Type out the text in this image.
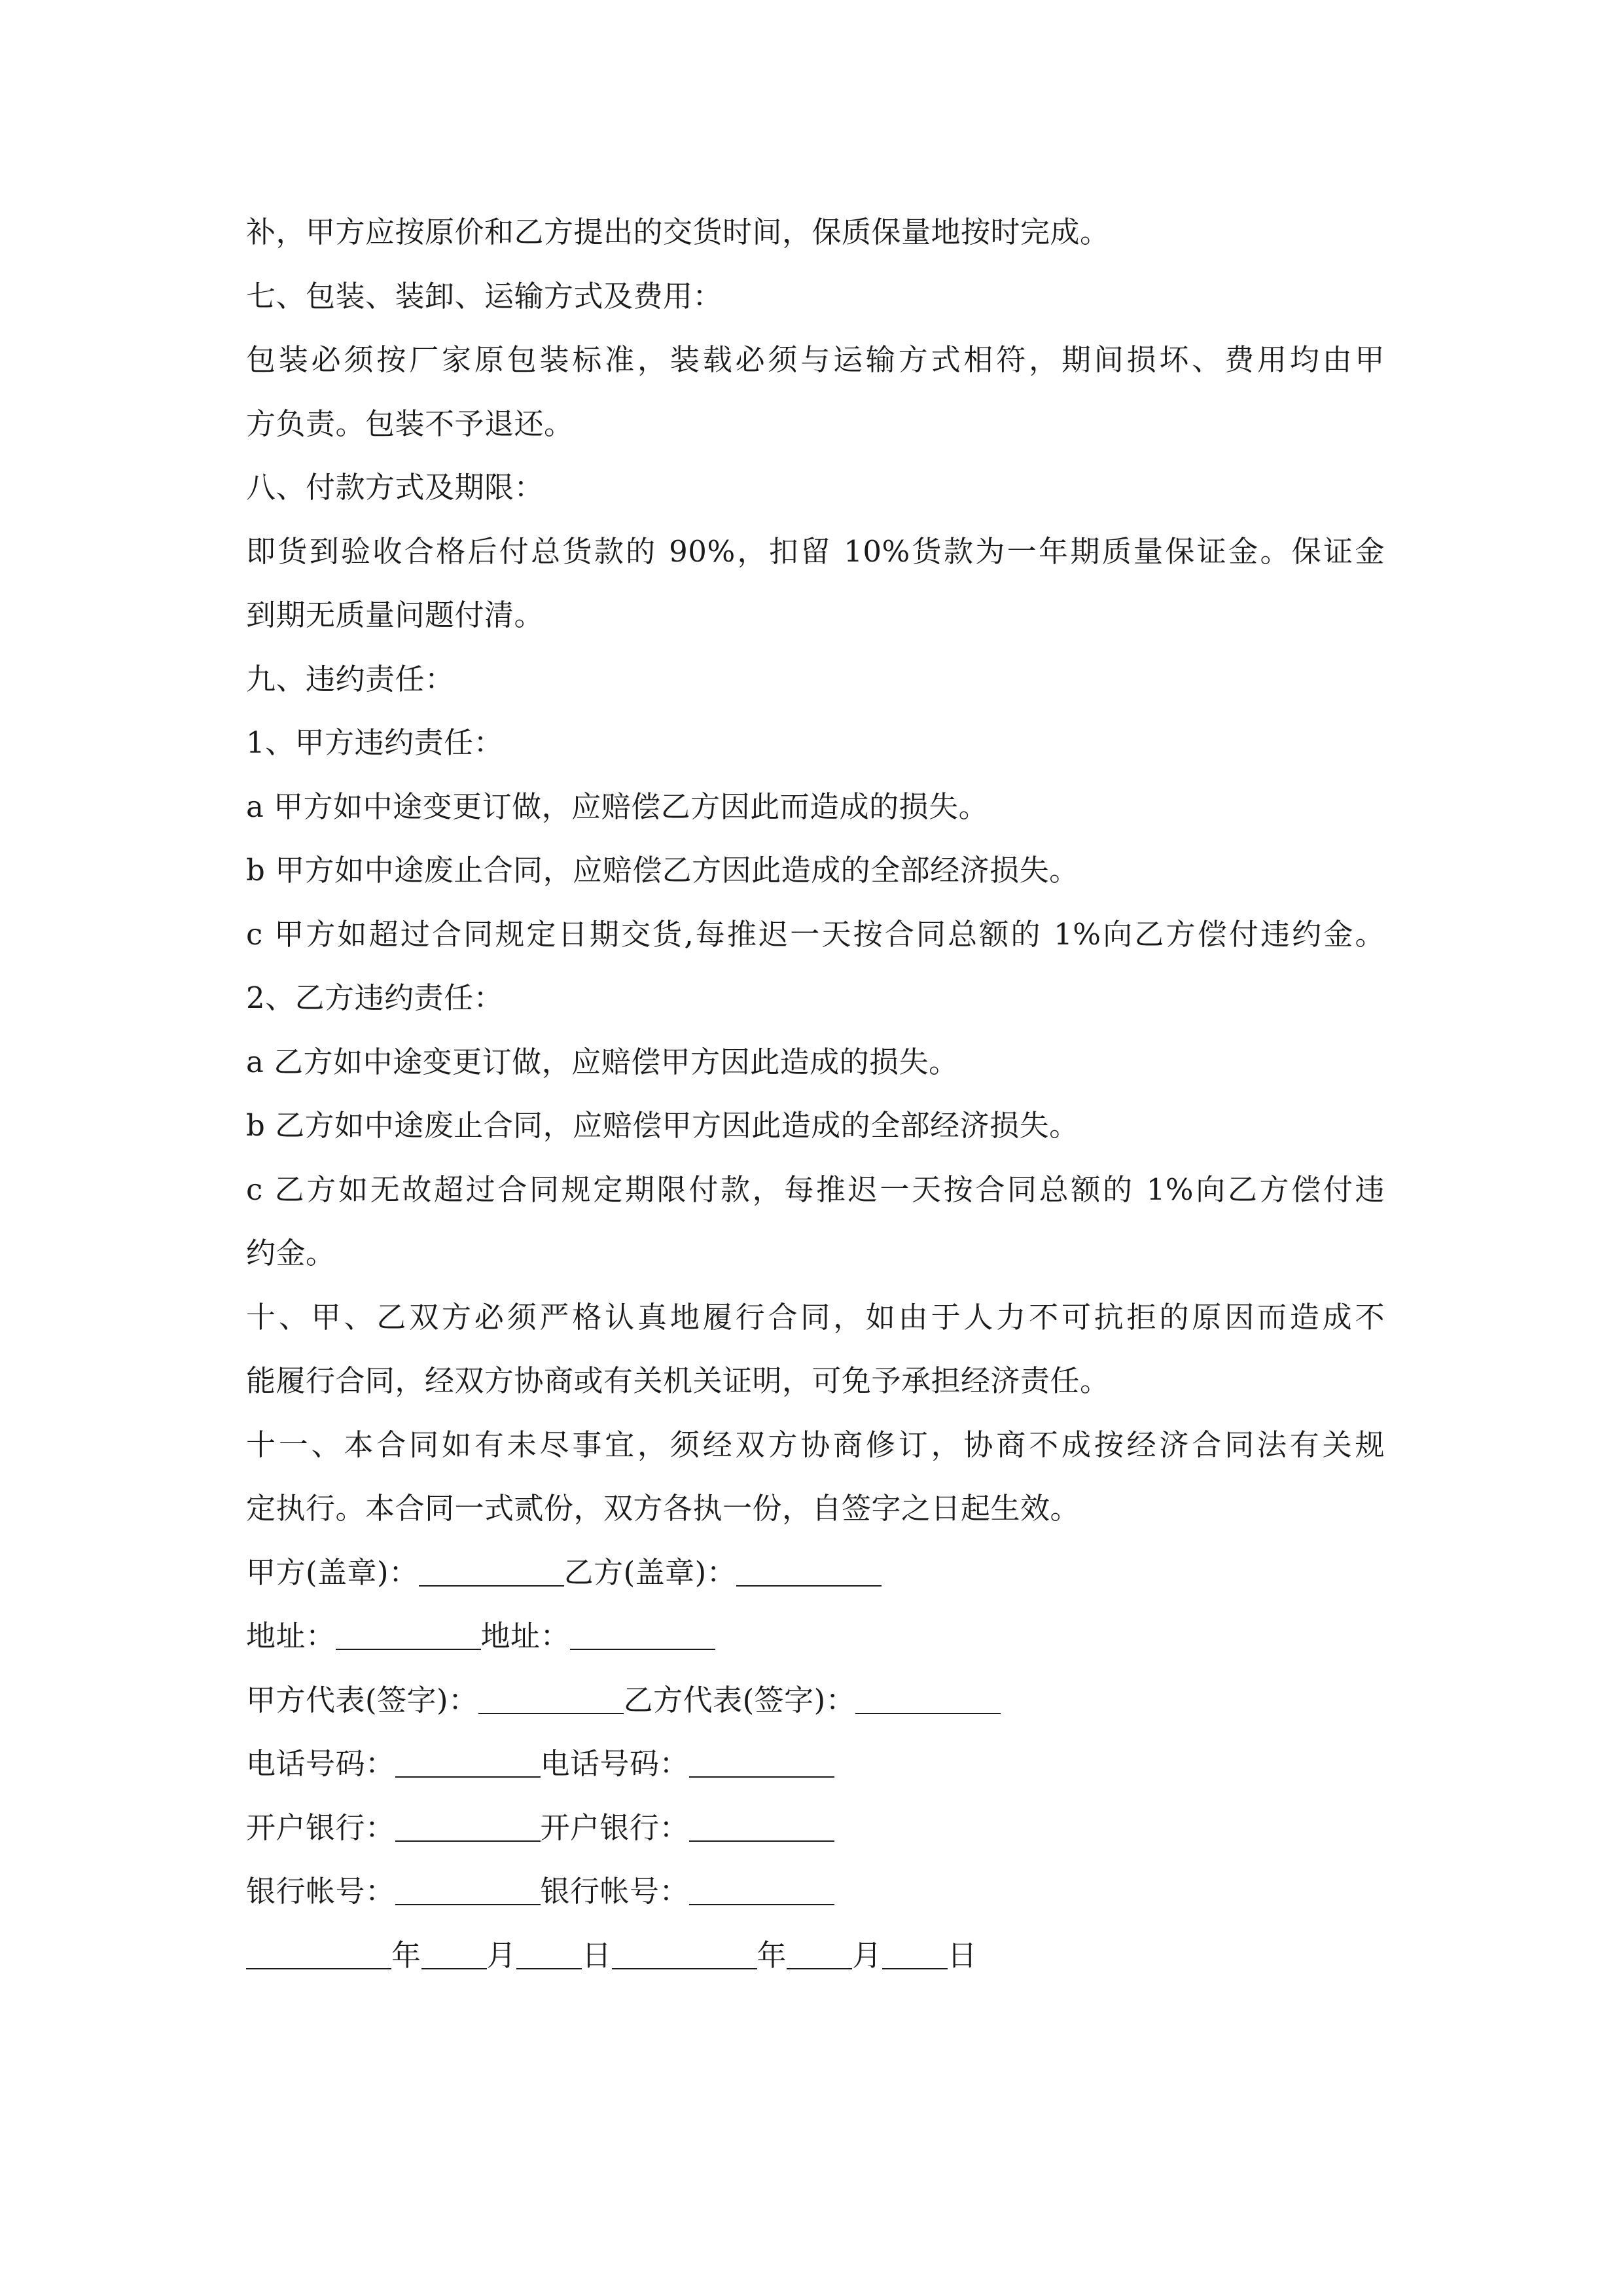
补，甲方应按原价和乙方提出的交货时间，保质保量地按时完成。
七、包装、装卸、运输方式及费用：
包装必须按厂家原包装标准，装载必须与运输方式相符，期间损坏、费用均由甲
方负责。包装不予退还。
八、付款方式及期限：
即货到验收合格后付总货款的 90%，扣留 10%货款为一年期质量保证金。保证金
到期无质量问题付清。
九、违约责任：
1、甲方违约责任：
a 甲方如中途变更订做，应赔偿乙方因此而造成的损失。
b 甲方如中途废止合同，应赔偿乙方因此造成的全部经济损失。
c 甲方如超过合同规定日期交货,每推迟一天按合同总额的 1%向乙方偿付违约金。
2、乙方违约责任：
a 乙方如中途变更订做，应赔偿甲方因此造成的损失。
b 乙方如中途废止合同，应赔偿甲方因此造成的全部经济损失。
c 乙方如无故超过合同规定期限付款，每推迟一天按合同总额的 1%向乙方偿付违
约金。
十、甲、乙双方必须严格认真地履行合同，如由于人力不可抗拒的原因而造成不
能履行合同，经双方协商或有关机关证明，可免予承担经济责任。
十一、本合同如有未尽事宜，须经双方协商修订，协商不成按经济合同法有关规
定执行。本合同一式贰份，双方各执一份，自签字之日起生效。
甲方(盖章)：	乙方(盖章)：
地址：	地址：
甲方代表(签字)：	乙方代表(签字)：
电话号码：	电话号码：
开户银行：	开户银行：
银行帐号：	银行帐号：
年 月 日	年 月 日
